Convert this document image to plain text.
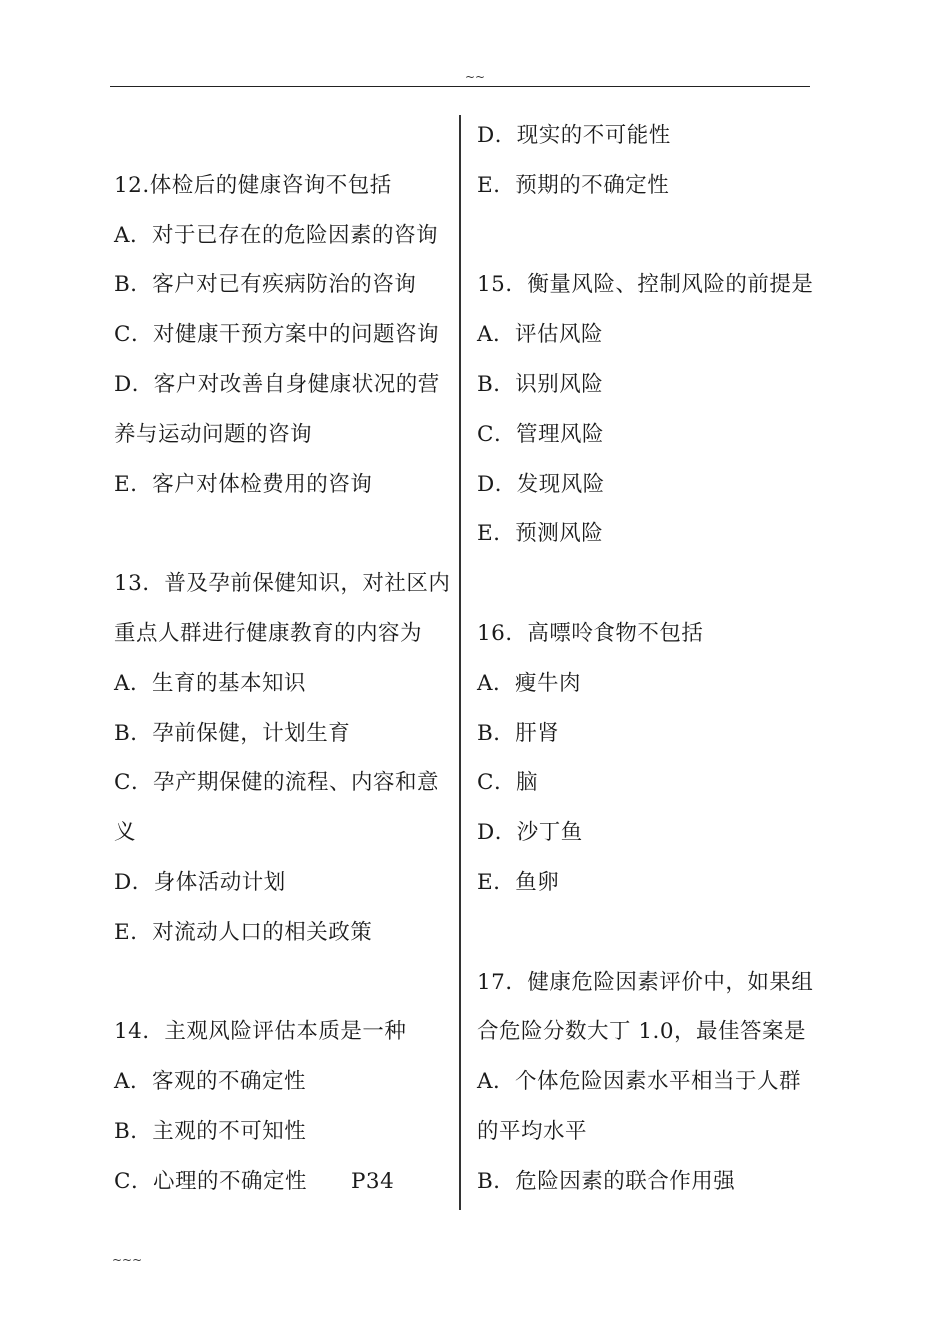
~~
12.体检后的健康咨询不包括
A．对于已存在的危险因素的咨询
B．客户对已有疾病防治的咨询
C．对健康干预方案中的问题咨询
D．客户对改善自身健康状况的营
养与运动问题的咨询
E．客户对体检费用的咨询
13．普及孕前保健知识，对社区内
重点人群进行健康教育的内容为
A．生育的基本知识
B．孕前保健，计划生育
C．孕产期保健的流程、内容和意
义
D．身体活动计划
E．对流动人口的相关政策
14．主观风险评估本质是一种
A．客观的不确定性
B．主观的不可知性
C．心理的不确定性      P34
D．现实的不可能性
E．预期的不确定性
15．衡量风险、控制风险的前提是
A．评估风险
B．识别风险
C．管理风险
D．发现风险
E．预测风险
16．高嘌呤食物不包括
A．瘦牛肉
B．肝肾
C．脑
D．沙丁鱼
E．鱼卵
17．健康危险因素评价中，如果组
合危险分数大丁 1.0，最佳答案是
A．个体危险因素水平相当于人群
的平均水平
B．危险因素的联合作用强
~~~
